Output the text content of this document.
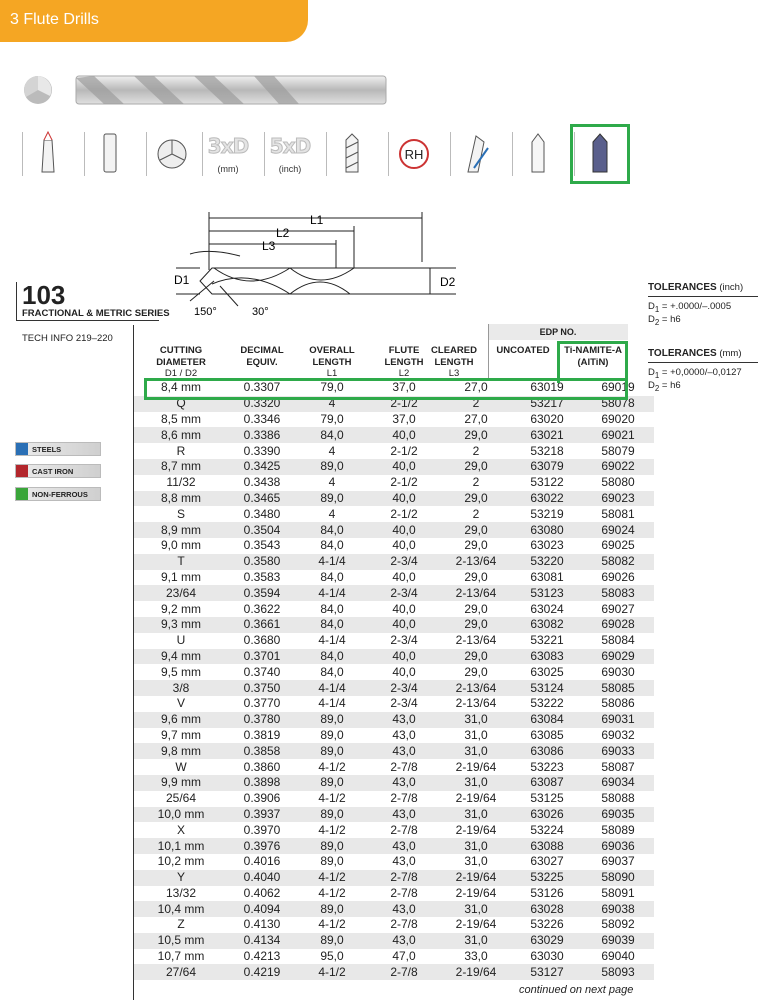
3 Flute Drills
3xD
(mm)
5xD
(inch)
RH
L1
L2
L3
D1	D2
150°	30°
103
FRACTIONAL & METRIC SERIES
TECH INFO 219–220
TOLERANCES (inch)
$D_1 = +.0000/-.0005$
$D_2 = h6$
TOLERANCES (mm)
$D_1 = +0,0000/-0,0127$
$D_2 = h6$
STEELS
CAST IRON
NON-FERROUS
EDP NO.
CUTTING
DIAMETER
D1 / D2
DECIMAL
EQUIV.
OVERALL
LENGTH
L1
FLUTE
LENGTH
L2
CLEARED
LENGTH
L3
UNCOATED	Ti-NAMITE-A
(AlTiN)
8,4 mm	0.3307	79,0	37,0	27,0	63019	69019
Q	0.3320	4	2-1/2	2	53217	58078
8,5 mm	0.3346	79,0	37,0	27,0	63020	69020
8,6 mm	0.3386	84,0	40,0	29,0	63021	69021
R	0.3390	4	2-1/2	2	53218	58079
8,7 mm	0.3425	89,0	40,0	29,0	63079	69022
11/32	0.3438	4	2-1/2	2	53122	58080
8,8 mm	0.3465	89,0	40,0	29,0	63022	69023
S	0.3480	4	2-1/2	2	53219	58081
8,9 mm	0.3504	84,0	40,0	29,0	63080	69024
9,0 mm	0.3543	84,0	40,0	29,0	63023	69025
T	0.3580	4-1/4	2-3/4	2-13/64	53220	58082
9,1 mm	0.3583	84,0	40,0	29,0	63081	69026
23/64	0.3594	4-1/4	2-3/4	2-13/64	53123	58083
9,2 mm	0.3622	84,0	40,0	29,0	63024	69027
9,3 mm	0.3661	84,0	40,0	29,0	63082	69028
U	0.3680	4-1/4	2-3/4	2-13/64	53221	58084
9,4 mm	0.3701	84,0	40,0	29,0	63083	69029
9,5 mm	0.3740	84,0	40,0	29,0	63025	69030
3/8	0.3750	4-1/4	2-3/4	2-13/64	53124	58085
V	0.3770	4-1/4	2-3/4	2-13/64	53222	58086
9,6 mm	0.3780	89,0	43,0	31,0	63084	69031
9,7 mm	0.3819	89,0	43,0	31,0	63085	69032
9,8 mm	0.3858	89,0	43,0	31,0	63086	69033
W	0.3860	4-1/2	2-7/8	2-19/64	53223	58087
9,9 mm	0.3898	89,0	43,0	31,0	63087	69034
25/64	0.3906	4-1/2	2-7/8	2-19/64	53125	58088
10,0 mm	0.3937	89,0	43,0	31,0	63026	69035
X	0.3970	4-1/2	2-7/8	2-19/64	53224	58089
10,1 mm	0.3976	89,0	43,0	31,0	63088	69036
10,2 mm	0.4016	89,0	43,0	31,0	63027	69037
Y	0.4040	4-1/2	2-7/8	2-19/64	53225	58090
13/32	0.4062	4-1/2	2-7/8	2-19/64	53126	58091
10,4 mm	0.4094	89,0	43,0	31,0	63028	69038
Z	0.4130	4-1/2	2-7/8	2-19/64	53226	58092
10,5 mm	0.4134	89,0	43,0	31,0	63029	69039
10,7 mm	0.4213	95,0	47,0	33,0	63030	69040
27/64	0.4219	4-1/2	2-7/8	2-19/64	53127	58093
continued on next page
